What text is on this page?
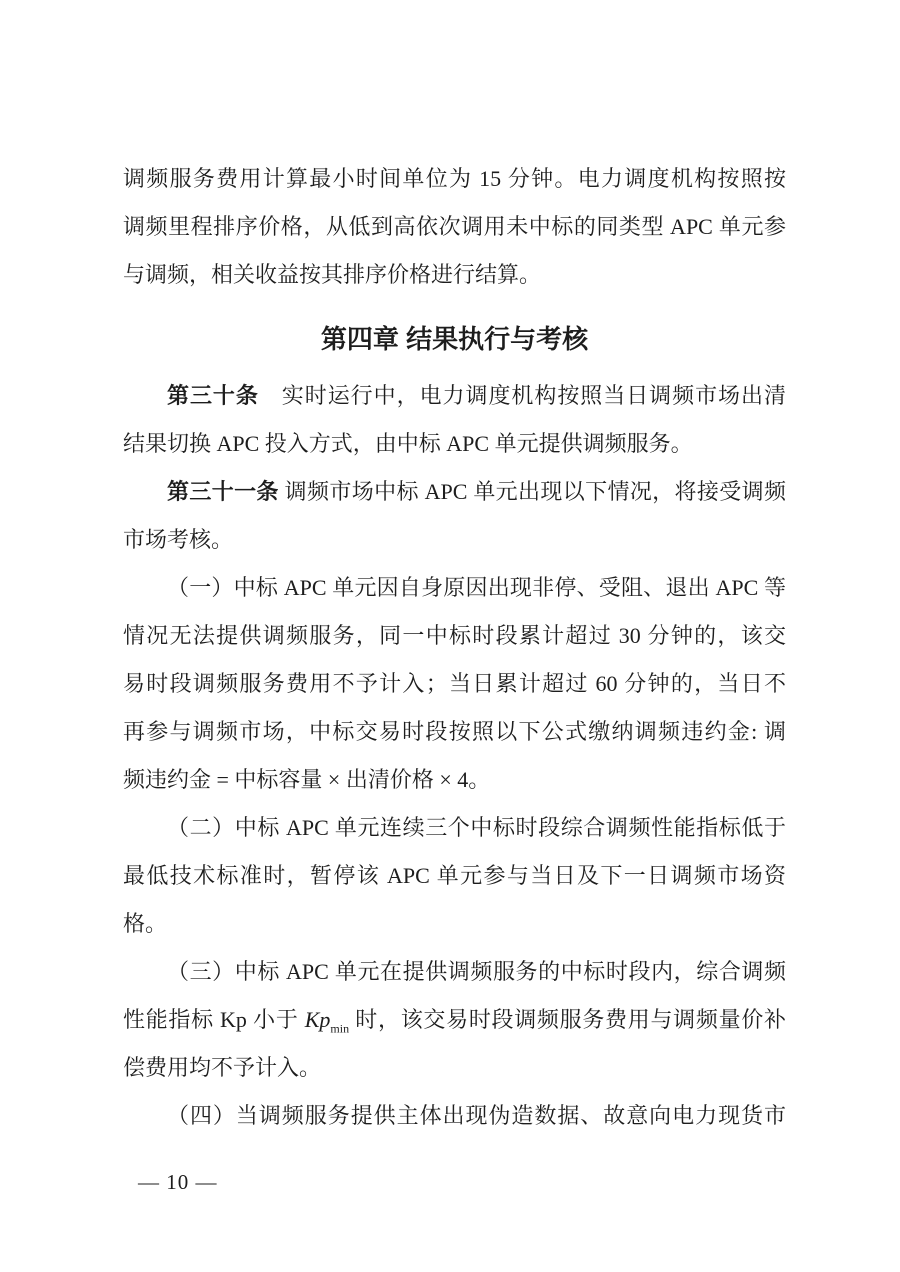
调频服务费用计算最小时间单位为 15 分钟。电力调度机构按照按
调频里程排序价格，从低到高依次调用未中标的同类型 APC 单元参
与调频，相关收益按其排序价格进行结算。
第四章 结果执行与考核
第三十条　实时运行中，电力调度机构按照当日调频市场出清
结果切换 APC 投入方式，由中标 APC 单元提供调频服务。
第三十一条 调频市场中标 APC 单元出现以下情况，将接受调频
市场考核。
（一）中标 APC 单元因自身原因出现非停、受阻、退出 APC 等
情况无法提供调频服务，同一中标时段累计超过 30 分钟的，该交
易时段调频服务费用不予计入；当日累计超过 60 分钟的，当日不
再参与调频市场，中标交易时段按照以下公式缴纳调频违约金: 调
频违约金 = 中标容量 × 出清价格 × 4。
（二）中标 APC 单元连续三个中标时段综合调频性能指标低于
最低技术标准时，暂停该 APC 单元参与当日及下一日调频市场资
格。
（三）中标 APC 单元在提供调频服务的中标时段内，综合调频
性能指标 Kp 小于 $Kp_{min}$ 时，该交易时段调频服务费用与调频量价补
偿费用均不予计入。
（四）当调频服务提供主体出现伪造数据、故意向电力现货市
— 10 —
